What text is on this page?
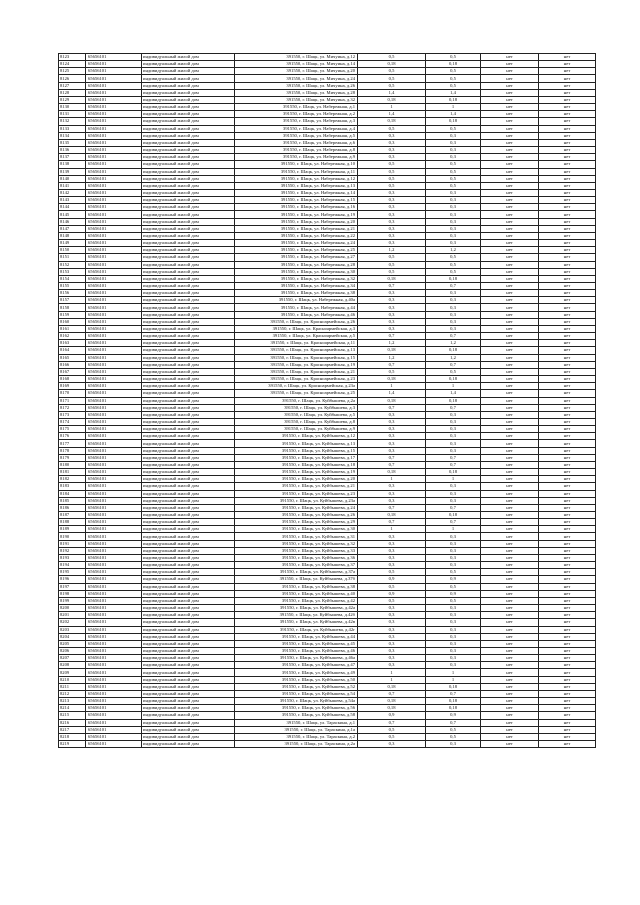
8123	65656101	индивидуальный жилой дом	391550, г. Шацк, ул. Мичуина, д.12	0,5	0,5	нет	нет
8124	65656101	индивидуальный жилой дом	391550, г. Шацк, ул. Мичуина, д.14	0,18	0,18	нет	нет
8125	65656101	индивидуальный жилой дом	391550, г. Шацк, ул. Мичуина, д.20	0,5	0,5	нет	нет
8126	65656101	индивидуальный жилой дом	391550, г. Шацк, ул. Мичуина, д.24	0,5	0,5	нет	нет
8127	65656101	индивидуальный жилой дом	391550, г. Шацк, ул. Мичуина, д.26	0,5	0,5	нет	нет
8128	65656101	индивидуальный жилой дом	391550, г. Шацк, ул. Мичуина, д.28	1,4	1,4	нет	нет
8129	65656101	индивидуальный жилой дом	391550, г. Шацк, ул. Мичуина, д.32	0,18	0,18	нет	нет
8130	65656101	индивидуальный жилой дом	391550, г. Шацк, ул. Набережная, д.1	1	1	нет	нет
8131	65656101	индивидуальный жилой дом	391550, г. Шацк, ул. Набережная, д.2	1,4	1,4	нет	нет
8132	65656101	индивидуальный жилой дом	391550, г. Шацк, ул. Набережная, д.3	0,18	0,18	нет	нет
8133	65656101	индивидуальный жилой дом	391550, г. Шацк, ул. Набережная, д.4	0,5	0,5	нет	нет
8134	65656101	индивидуальный жилой дом	391550, г. Шацк, ул. Набережная, д.5	0,3	0,3	нет	нет
8135	65656101	индивидуальный жилой дом	391550, г. Шацк, ул. Набережная, д.6	0,3	0,3	нет	нет
8136	65656101	индивидуальный жилой дом	391550, г. Шацк, ул. Набережная, д.8	0,3	0,3	нет	нет
8137	65656101	индивидуальный жилой дом	391550, г. Шацк, ул. Набережная, д.9	0,3	0,3	нет	нет
8138	65656101	индивидуальный жилой дом	391550, г. Шацк, ул. Набережная, д.10	0,5	0,5	нет	нет
8139	65656101	индивидуальный жилой дом	391550, г. Шацк, ул. Набережная, д.11	0,5	0,5	нет	нет
8140	65656101	индивидуальный жилой дом	391550, г. Шацк, ул. Набережная, д.12	0,5	0,5	нет	нет
8141	65656101	индивидуальный жилой дом	391550, г. Шацк, ул. Набережная, д.13	0,5	0,5	нет	нет
8142	65656101	индивидуальный жилой дом	391550, г. Шацк, ул. Набережная, д.14	0,3	0,3	нет	нет
8143	65656101	индивидуальный жилой дом	391550, г. Шацк, ул. Набережная, д.15	0,3	0,3	нет	нет
8144	65656101	индивидуальный жилой дом	391550, г. Шацк, ул. Набережная, д.16	0,3	0,3	нет	нет
8145	65656101	индивидуальный жилой дом	391550, г. Шацк, ул. Набережная, д.19	0,3	0,3	нет	нет
8146	65656101	индивидуальный жилой дом	391550, г. Шацк, ул. Набережная, д.20	0,3	0,3	нет	нет
8147	65656101	индивидуальный жилой дом	391550, г. Шацк, ул. Набережная, д.21	0,3	0,3	нет	нет
8148	65656101	индивидуальный жилой дом	391550, г. Шацк, ул. Набережная, д.22	0,3	0,3	нет	нет
8149	65656101	индивидуальный жилой дом	391550, г. Шацк, ул. Набережная, д.24	0,3	0,3	нет	нет
8150	65656101	индивидуальный жилой дом	391550, г. Шацк, ул. Набережная, д.25	1,2	1,2	нет	нет
8151	65656101	индивидуальный жилой дом	391550, г. Шацк, ул. Набережная, д.27	0,5	0,5	нет	нет
8152	65656101	индивидуальный жилой дом	391550, г. Шацк, ул. Набережная, д.28	0,5	0,5	нет	нет
8153	65656101	индивидуальный жилой дом	391550, г. Шацк, ул. Набережная, д.30	0,5	0,5	нет	нет
8154	65656101	индивидуальный жилой дом	391550, г. Шацк, ул. Набережная, д.32	0,18	0,18	нет	нет
8155	65656101	индивидуальный жилой дом	391550, г. Шацк, ул. Набережная, д.34	0,7	0,7	нет	нет
8156	65656101	индивидуальный жилой дом	391550, г. Шацк, ул. Набережная, д.38	0,3	0,3	нет	нет
8157	65656101	индивидуальный жилой дом	391550, г. Шацк, ул. Набережная, д.40а	0,3	0,3	нет	нет
8158	65656101	индивидуальный жилой дом	391550, г. Шацк, ул. Набережная, д.44	0,3	0,3	нет	нет
8159	65656101	индивидуальный жилой дом	391550, г. Шацк, ул. Набережная, д.46	0,3	0,3	нет	нет
8160	65656101	индивидуальный жилой дом	391550, г. Шацк, ул. Красноармейская, д.26	0,3	0,3	нет	нет
8161	65656101	индивидуальный жилой дом	391550, г. Шацк, ул. Красноармейская, д.3	0,3	0,3	нет	нет
8162	65656101	индивидуальный жилой дом	391550, г. Шацк, ул. Красноармейская, д.5	0,7	0,7	нет	нет
8163	65656101	индивидуальный жилой дом	391550, г. Шацк, ул. Красноармейская, д.11	1,2	1,2	нет	нет
8164	65656101	индивидуальный жилой дом	391550, г. Шацк, ул. Красноармейская, д.13	0,18	0,18	нет	нет
8165	65656101	индивидуальный жилой дом	391550, г. Шацк, ул. Красноармейская, д.15	1,2	1,2	нет	нет
8166	65656101	индивидуальный жилой дом	391550, г. Шацк, ул. Красноармейская, д.19	0,7	0,7	нет	нет
8167	65656101	индивидуальный жилой дом	391550, г. Шацк, ул. Красноармейская, д.21	0,5	0,5	нет	нет
8168	65656101	индивидуальный жилой дом	391550, г. Шацк, ул. Красноармейская, д.23	0,18	0,18	нет	нет
8169	65656101	индивидуальный жилой дом	391550, г. Шацк, ул. Красноармейская, д.23а	1	1	нет	нет
8170	65656101	индивидуальный жилой дом	391550, г. Шацк, ул. Красноармейская, д.25	1,4	1,4	нет	нет
8171	65656101	индивидуальный жилой дом	391550, г. Шацк, ул. Куйбышева, д.2а	0,18	0,18	нет	нет
8172	65656101	индивидуальный жилой дом	391550, г. Шацк, ул. Куйбышева, д.3	0,7	0,7	нет	нет
8173	65656101	индивидуальный жилой дом	391550, г. Шацк, ул. Куйбышева, д.5	0,3	0,3	нет	нет
8174	65656101	индивидуальный жилой дом	391550, г. Шацк, ул. Куйбышева, д.8	0,3	0,3	нет	нет
8175	65656101	индивидуальный жилой дом	391550, г. Шацк, ул. Куйбышева, д.9	0,3	0,3	нет	нет
8176	65656101	индивидуальный жилой дом	391550, г. Шацк, ул. Куйбышева, д.12	0,3	0,3	нет	нет
8177	65656101	индивидуальный жилой дом	391550, г. Шацк, ул. Куйбышева, д.13	0,3	0,3	нет	нет
8178	65656101	индивидуальный жилой дом	391550, г. Шацк, ул. Куйбышева, д.15	0,3	0,3	нет	нет
8179	65656101	индивидуальный жилой дом	391550, г. Шацк, ул. Куйбышева, д.17	0,7	0,7	нет	нет
8180	65656101	индивидуальный жилой дом	391550, г. Шацк, ул. Куйбышева, д.18	0,7	0,7	нет	нет
8181	65656101	индивидуальный жилой дом	391550, г. Шацк, ул. Куйбышева, д.19	0,18	0,18	нет	нет
8182	65656101	индивидуальный жилой дом	391550, г. Шацк, ул. Куйбышева, д.20	1	1	нет	нет
8183	65656101	индивидуальный жилой дом	391550, г. Шацк, ул. Куйбышева, д.21	0,3	0,3	нет	нет
8184	65656101	индивидуальный жилой дом	391550, г. Шацк, ул. Куйбышева, д.23	0,3	0,3	нет	нет
8185	65656101	индивидуальный жилой дом	391550, г. Шацк, ул. Куйбышева, д.23а	0,3	0,3	нет	нет
8186	65656101	индивидуальный жилой дом	391550, г. Шацк, ул. Куйбышева, д.24	0,7	0,7	нет	нет
8187	65656101	индивидуальный жилой дом	391550, г. Шацк, ул. Куйбышева, д.26	0,18	0,18	нет	нет
8188	65656101	индивидуальный жилой дом	391550, г. Шацк, ул. Куйбышева, д.29	0,7	0,7	нет	нет
8189	65656101	индивидуальный жилой дом	391550, г. Шацк, ул. Куйбышева, д.30	1	1	нет	нет
8190	65656101	индивидуальный жилой дом	391550, г. Шацк, ул. Куйбышева, д.31	0,3	0,3	нет	нет
8191	65656101	индивидуальный жилой дом	391550, г. Шацк, ул. Куйбышева, д.32	0,3	0,3	нет	нет
8192	65656101	индивидуальный жилой дом	391550, г. Шацк, ул. Куйбышева, д.33	0,3	0,3	нет	нет
8193	65656101	индивидуальный жилой дом	391550, г. Шацк, ул. Куйбышева, д.36	0,3	0,3	нет	нет
8194	65656101	индивидуальный жилой дом	391550, г. Шацк, ул. Куйбышева, д.37	0,3	0,3	нет	нет
8195	65656101	индивидуальный жилой дом	391550, г. Шацк, ул. Куйбышева, д.37а	0,5	0,5	нет	нет
8196	65656101	индивидуальный жилой дом	391550, г. Шацк, ул. Куйбышева, д.37б	0,9	0,9	нет	нет
8197	65656101	индивидуальный жилой дом	391550, г. Шацк, ул. Куйбышева, д.38	0,5	0,5	нет	нет
8198	65656101	индивидуальный жилой дом	391550, г. Шацк, ул. Куйбышева, д.40	0,9	0,9	нет	нет
8199	65656101	индивидуальный жилой дом	391550, г. Шацк, ул. Куйбышева, д.42	0,5	0,5	нет	нет
8200	65656101	индивидуальный жилой дом	391550, г. Шацк, ул. Куйбышева, д.42а	0,3	0,3	нет	нет
8201	65656101	индивидуальный жилой дом	391550, г. Шацк, ул. Куйбышева, д.42б	0,3	0,3	нет	нет
8202	65656101	индивидуальный жилой дом	391550, г. Шацк, ул. Куйбышева, д.42в	0,3	0,3	нет	нет
8203	65656101	индивидуальный жилой дом	391550, г. Шацк, ул. Куйбышева, д.42г	0,3	0,3	нет	нет
8204	65656101	индивидуальный жилой дом	391550, г. Шацк, ул. Куйбышева, д.44	0,3	0,3	нет	нет
8205	65656101	индивидуальный жилой дом	391550, г. Шацк, ул. Куйбышева, д.45	0,3	0,3	нет	нет
8206	65656101	индивидуальный жилой дом	391550, г. Шацк, ул. Куйбышева, д.46	0,3	0,3	нет	нет
8207	65656101	индивидуальный жилой дом	391550, г. Шацк, ул. Куйбышева, д.46а	0,3	0,3	нет	нет
8208	65656101	индивидуальный жилой дом	391550, г. Шацк, ул. Куйбышева, д.47	0,3	0,3	нет	нет
8209	65656101	индивидуальный жилой дом	391550, г. Шацк, ул. Куйбышева, д.49	1	1	нет	нет
8210	65656101	индивидуальный жилой дом	391550, г. Шацк, ул. Куйбышева, д.50	1	1	нет	нет
8211	65656101	индивидуальный жилой дом	391550, г. Шацк, ул. Куйбышева, д.52	0,18	0,18	нет	нет
8212	65656101	индивидуальный жилой дом	391550, г. Шацк, ул. Куйбышева, д.54	0,7	0,7	нет	нет
8213	65656101	индивидуальный жилой дом	391550, г. Шацк, ул. Куйбышева, д.54а	0,18	0,18	нет	нет
8214	65656101	индивидуальный жилой дом	391550, г. Шацк, ул. Куйбышева, д.56	0,18	0,18	нет	нет
8215	65656101	индивидуальный жилой дом	391550, г. Шацк, ул. Куйбышева, д.58	0,9	0,9	нет	нет
8216	65656101	индивидуальный жилой дом	391550, г. Шацк, ул. Тараскина, д.1	0,7	0,7	нет	нет
8217	65656101	индивидуальный жилой дом	391550, г. Шацк, ул. Тараскина, д.1а	0,5	0,5	нет	нет
8218	65656101	индивидуальный жилой дом	391550, г. Шацк, ул. Тараскина, д.2	0,5	0,5	нет	нет
8219	65656101	индивидуальный жилой дом	391550, г. Шацк, ул. Тараскина, д.2а	0,3	0,3	нет	нет
